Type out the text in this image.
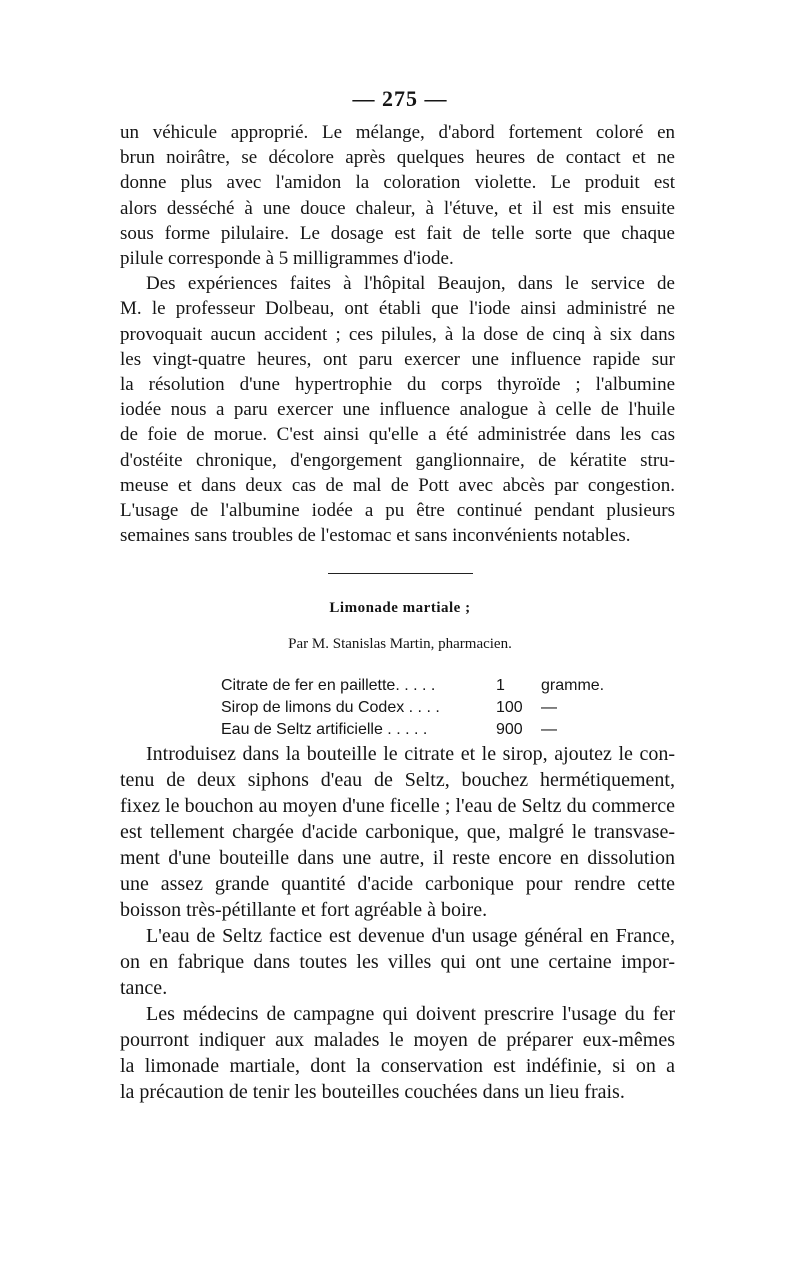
— 275 —
un véhicule approprié. Le mélange, d'abord fortement coloré en
brun noirâtre, se décolore après quelques heures de contact et ne
donne plus avec l'amidon la coloration violette. Le produit est
alors desséché à une douce chaleur, à l'étuve, et il est mis ensuite
sous forme pilulaire. Le dosage est fait de telle sorte que chaque
pilule corresponde à 5 milligrammes d'iode.
Des expériences faites à l'hôpital Beaujon, dans le service de
M. le professeur Dolbeau, ont établi que l'iode ainsi administré ne
provoquait aucun accident ; ces pilules, à la dose de cinq à six dans
les vingt-quatre heures, ont paru exercer une influence rapide sur
la résolution d'une hypertrophie du corps thyroïde ; l'albumine
iodée nous a paru exercer une influence analogue à celle de l'huile
de foie de morue. C'est ainsi qu'elle a été administrée dans les cas
d'ostéite chronique, d'engorgement ganglionnaire, de kératite stru-
meuse et dans deux cas de mal de Pott avec abcès par congestion.
L'usage de l'albumine iodée a pu être continué pendant plusieurs
semaines sans troubles de l'estomac et sans inconvénients notables.
Limonade martiale ;
Par M. Stanislas Martin, pharmacien.
Citrate de fer en paillette. . . . .	1	gramme.
Sirop de limons du Codex . . . .	100	—
Eau de Seltz artificielle . . . . .	900	—
Introduisez dans la bouteille le citrate et le sirop, ajoutez le con-
tenu de deux siphons d'eau de Seltz, bouchez hermétiquement,
fixez le bouchon au moyen d'une ficelle ; l'eau de Seltz du commerce
est tellement chargée d'acide carbonique, que, malgré le transvase-
ment d'une bouteille dans une autre, il reste encore en dissolution
une assez grande quantité d'acide carbonique pour rendre cette
boisson très-pétillante et fort agréable à boire.
L'eau de Seltz factice est devenue d'un usage général en France,
on en fabrique dans toutes les villes qui ont une certaine impor-
tance.
Les médecins de campagne qui doivent prescrire l'usage du fer
pourront indiquer aux malades le moyen de préparer eux-mêmes
la limonade martiale, dont la conservation est indéfinie, si on a
la précaution de tenir les bouteilles couchées dans un lieu frais.
